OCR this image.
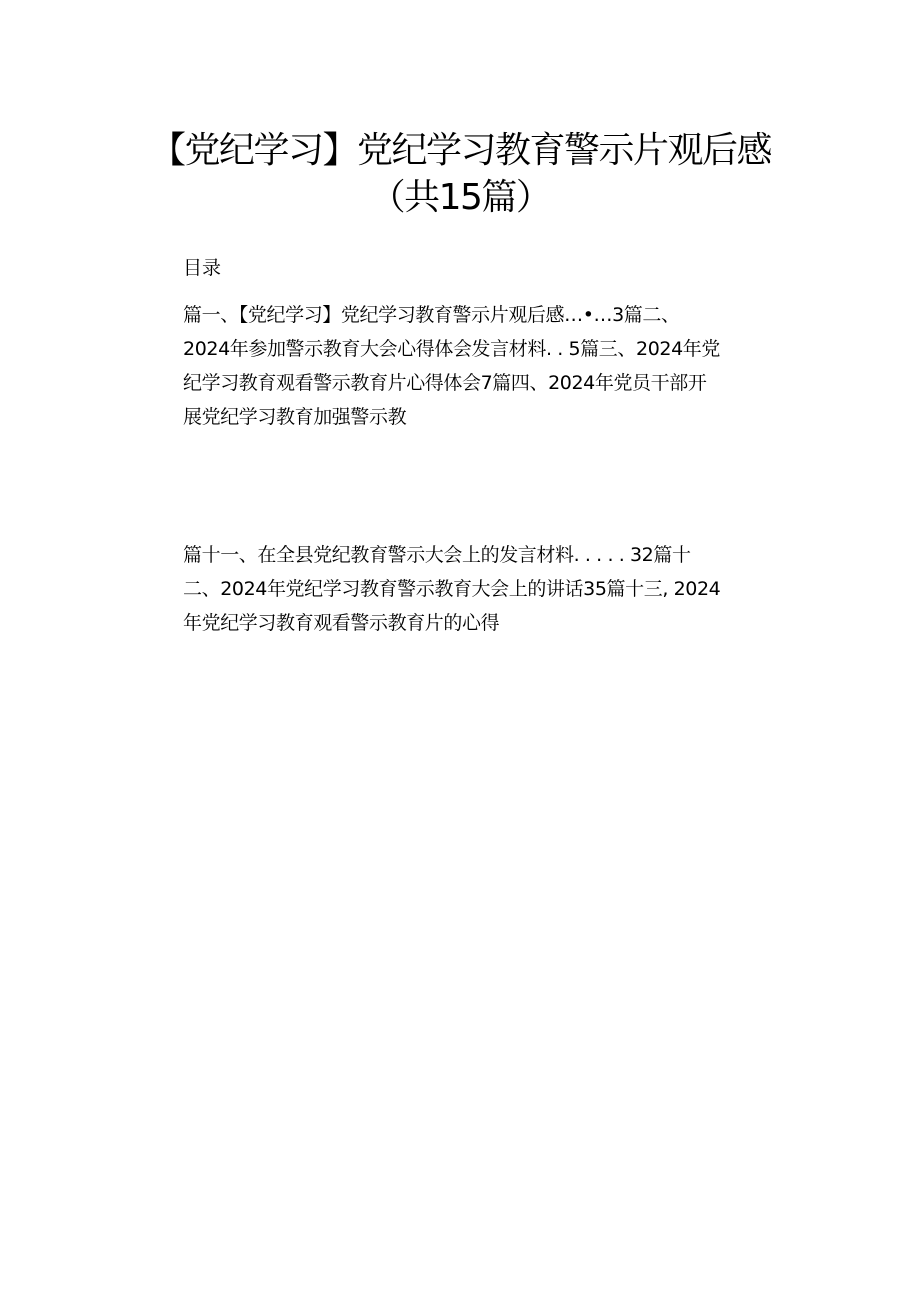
【党纪学习】党纪学习教育警示片观后感
（共15篇）
目录
篇一、【党纪学习】党纪学习教育警示片观后感…•…3篇二、
2024年参加警示教育大会心得体会发言材料. . 5篇三、2024年党
纪学习教育观看警示教育片心得体会7篇四、2024年党员干部开
展党纪学习教育加强警示教
篇十一、在全县党纪教育警示大会上的发言材料. . . . . 32篇十
二、2024年党纪学习教育警示教育大会上的讲话35篇十三, 2024
年党纪学习教育观看警示教育片的心得
